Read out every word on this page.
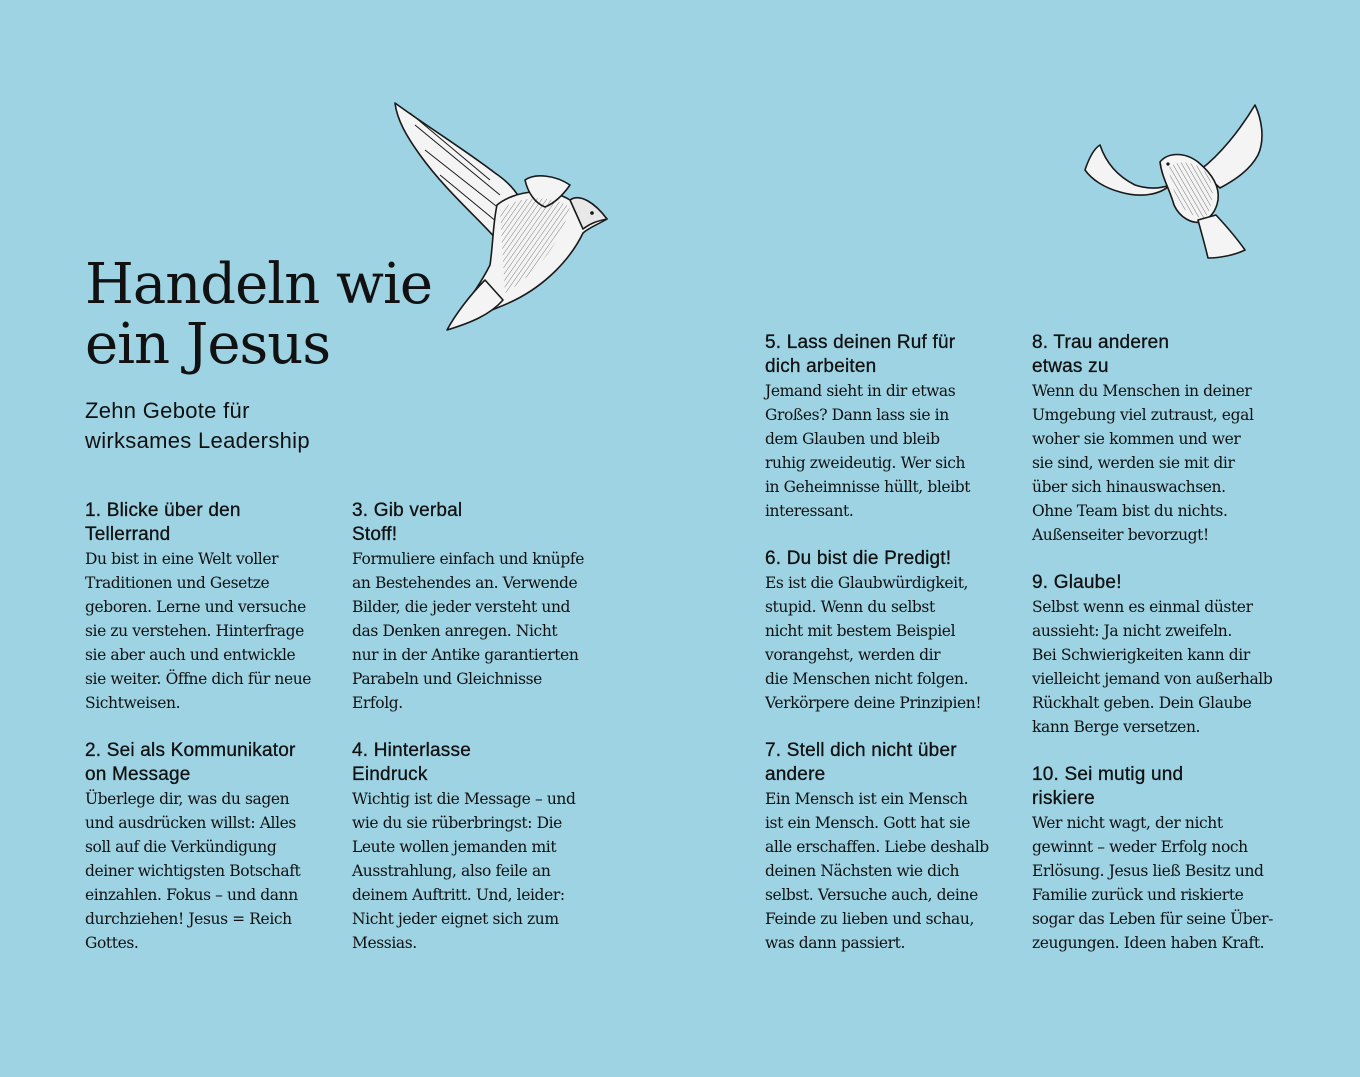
Handeln wie
ein Jesus
Zehn Gebote für
wirksames Leadership
1. Blicke über den
Tellerrand
Du bist in eine Welt voller
Traditionen und Gesetze
geboren. Lerne und versuche
sie zu verstehen. Hinterfrage
sie aber auch und entwickle
sie weiter. Öffne dich für neue
Sichtweisen.
2. Sei als Kommunikator
on Message
Überlege dir, was du sagen
und ausdrücken willst: Alles
soll auf die Verkündigung
deiner wichtigsten Botschaft
einzahlen. Fokus – und dann
durchziehen! Jesus = Reich
Gottes.
3. Gib verbal
Stoff!
Formuliere einfach und knüpfe
an Bestehendes an. Verwende
Bilder, die jeder versteht und
das Denken anregen. Nicht
nur in der Antike garantierten
Parabeln und Gleichnisse
Erfolg.
4. Hinterlasse
Eindruck
Wichtig ist die Message – und
wie du sie rüberbringst: Die
Leute wollen jemanden mit
Ausstrahlung, also feile an
deinem Auftritt. Und, leider:
Nicht jeder eignet sich zum
Messias.
5. Lass deinen Ruf für
dich arbeiten
Jemand sieht in dir etwas
Großes? Dann lass sie in
dem Glauben und bleib
ruhig zweideutig. Wer sich
in Geheimnisse hüllt, bleibt
interessant.
6. Du bist die Predigt!
Es ist die Glaubwürdigkeit,
stupid. Wenn du selbst
nicht mit bestem Beispiel
vorangehst, werden dir
die Menschen nicht folgen.
Verkörpere deine Prinzipien!
7. Stell dich nicht über
andere
Ein Mensch ist ein Mensch
ist ein Mensch. Gott hat sie
alle erschaffen. Liebe deshalb
deinen Nächsten wie dich
selbst. Versuche auch, deine
Feinde zu lieben und schau,
was dann passiert.
8. Trau anderen
etwas zu
Wenn du Menschen in deiner
Umgebung viel zutraust, egal
woher sie kommen und wer
sie sind, werden sie mit dir
über sich hinauswachsen.
Ohne Team bist du nichts.
Außenseiter bevorzugt!
9. Glaube!
Selbst wenn es einmal düster
aussieht: Ja nicht zweifeln.
Bei Schwierigkeiten kann dir
vielleicht jemand von außerhalb
Rückhalt geben. Dein Glaube
kann Berge versetzen.
10. Sei mutig und
riskiere
Wer nicht wagt, der nicht
gewinnt – weder Erfolg noch
Erlösung. Jesus ließ Besitz und
Familie zurück und riskierte
sogar das Leben für seine Über-
zeugungen. Ideen haben Kraft.
